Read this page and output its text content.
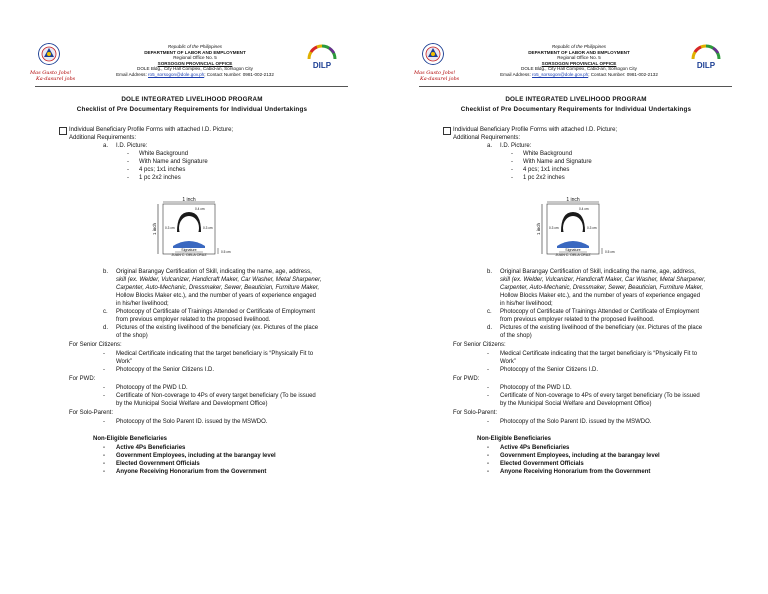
Mas Gusto Jobs!
Ka-dasurel jobs
Republic of the Philippines
DEPARTMENT OF LABOR AND EMPLOYMENT
Regional Office No. 5
SORSOGON PROVINCIAL OFFICE
DOLE Bldg., City Hall Complex, Cabid-an, Sorsogon City
Email Address: ro5_sorsogon@dole.gov.ph; Contact Number: 0981-002-2132
DILP
DOLE INTEGRATED LIVELIHOOD PROGRAM
Checklist of Pre Documentary Requirements for Individual Undertakings
Individual Beneficiary Profile Forms with attached I.D. Picture;
Additional Requirements:
a. I.D. Picture:
- White Background
- With Name and Signature
- 4 pcs; 1x1 inches
- 1 pc 2x2 inches
1 inch
1 inch
0.4 cm
0.3 cm	0.3 cm
Signature
JUAN C. DELA CRUZ
0.5 cm
b. Original Barangay Certification of Skill, indicating the name, age, address,
skill (ex. Welder, Vulcanizer, Handicraft Maker, Car Washer, Metal Sharpener,
Carpenter, Auto-Mechanic, Dressmaker, Sewer, Beautician, Furniture Maker,
Hollow Blocks Maker etc.), and the number of years of experience engaged
in his/her livelihood;
c. Photocopy of Certificate of Trainings Attended or Certificate of Employment
from previous employer related to the proposed livelihood.
d. Pictures of the existing livelihood of the beneficiary (ex. Pictures of the place
of the shop)
For Senior Citizens:
- Medical Certificate indicating that the target beneficiary is “Physically Fit to
Work”
- Photocopy of the Senior Citizens I.D.
For PWD:
- Photocopy of the PWD I.D.
- Certificate of Non-coverage to 4Ps of every target beneficiary (To be issued
by the Municipal Social Welfare and Development Office)
For Solo-Parent:
- Photocopy of the Solo Parent ID. issued by the MSWDO.
Non-Eligible Beneficiaries
- Active 4Ps Beneficiaries
- Government Employees, including at the barangay level
- Elected Government Officials
- Anyone Receiving Honorarium from the Government
Mas Gusto Jobs!
Ka-dasurel jobs
Republic of the Philippines
DEPARTMENT OF LABOR AND EMPLOYMENT
Regional Office No. 5
SORSOGON PROVINCIAL OFFICE
DOLE Bldg., City Hall Complex, Cabid-an, Sorsogon City
Email Address: ro5_sorsogon@dole.gov.ph; Contact Number: 0981-002-2132
DILP
DOLE INTEGRATED LIVELIHOOD PROGRAM
Checklist of Pre Documentary Requirements for Individual Undertakings
Individual Beneficiary Profile Forms with attached I.D. Picture;
Additional Requirements:
a. I.D. Picture:
- White Background
- With Name and Signature
- 4 pcs; 1x1 inches
- 1 pc 2x2 inches
1 inch
1 inch
0.4 cm
0.3 cm	0.3 cm
Signature
JUAN C. DELA CRUZ
0.5 cm
b. Original Barangay Certification of Skill, indicating the name, age, address,
skill (ex. Welder, Vulcanizer, Handicraft Maker, Car Washer, Metal Sharpener,
Carpenter, Auto-Mechanic, Dressmaker, Sewer, Beautician, Furniture Maker,
Hollow Blocks Maker etc.), and the number of years of experience engaged
in his/her livelihood;
c. Photocopy of Certificate of Trainings Attended or Certificate of Employment
from previous employer related to the proposed livelihood.
d. Pictures of the existing livelihood of the beneficiary (ex. Pictures of the place
of the shop)
For Senior Citizens:
- Medical Certificate indicating that the target beneficiary is “Physically Fit to
Work”
- Photocopy of the Senior Citizens I.D.
For PWD:
- Photocopy of the PWD I.D.
- Certificate of Non-coverage to 4Ps of every target beneficiary (To be issued
by the Municipal Social Welfare and Development Office)
For Solo-Parent:
- Photocopy of the Solo Parent ID. issued by the MSWDO.
Non-Eligible Beneficiaries
- Active 4Ps Beneficiaries
- Government Employees, including at the barangay level
- Elected Government Officials
- Anyone Receiving Honorarium from the Government
